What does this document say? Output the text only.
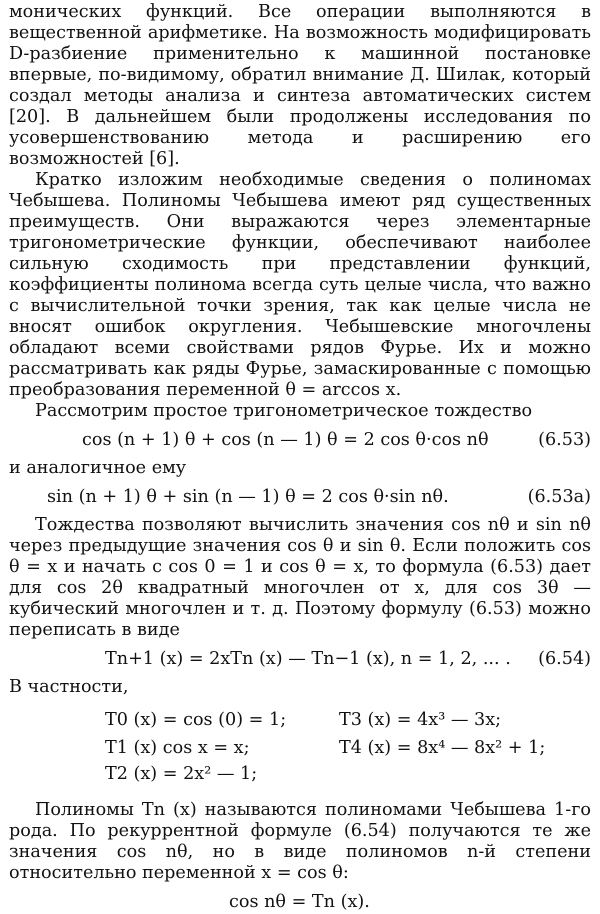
монических функций. Все операции выполняются в вещественной арифметике. На возможность модифицировать D-разбиение применительно к машинной постановке впервые, по-видимому, обратил внимание Д. Шилак, который создал методы анализа и синтеза автоматических систем [20]. В дальнейшем были продолжены исследования по усовершенствованию метода и расширению его возможностей [6].

Кратко изложим необходимые сведения о полиномах Чебышева. Полиномы Чебышева имеют ряд существенных преимуществ. Они выражаются через элементарные тригонометрические функции, обеспечивают наиболее сильную сходимость при представлении функций, коэффициенты полинома всегда суть целые числа, что важно с вычислительной точки зрения, так как целые числа не вносят ошибок округления. Чебышевские многочлены обладают всеми свойствами рядов Фурье. Их и можно рассматривать как ряды Фурье, замаскированные с помощью преобразования переменной θ = arccos x.

Рассмотрим простое тригонометрическое тождество

cos (n + 1) θ + cos (n — 1) θ = 2 cos θ·cos nθ	(6.53)

и аналогичное ему

sin (n + 1) θ + sin (n — 1) θ = 2 cos θ·sin nθ.	(6.53а)

Тождества позволяют вычислить значения cos nθ и sin nθ через предыдущие значения cos θ и sin θ. Если положить cos θ = x и начать с cos 0 = 1 и cos θ = x, то формула (6.53) дает для cos 2θ квадратный многочлен от x, для cos 3θ — кубический многочлен и т. д. Поэтому формулу (6.53) можно переписать в виде

Tn+1 (x) = 2xTn (x) — Tn−1 (x), n = 1, 2, ... . (6.54)

В частности,

T0 (x) = cos (0) = 1;	T3 (x) = 4x³ — 3x;
T1 (x) cos x = x;	T4 (x) = 8x⁴ — 8x² + 1;
T2 (x) = 2x² — 1;

Полиномы Tn (x) называются полиномами Чебышева 1-го рода. По рекуррентной формуле (6.54) получаются те же значения cos nθ, но в виде полиномов n-й степени относительно переменной x = cos θ:

cos nθ = Tn (x).
